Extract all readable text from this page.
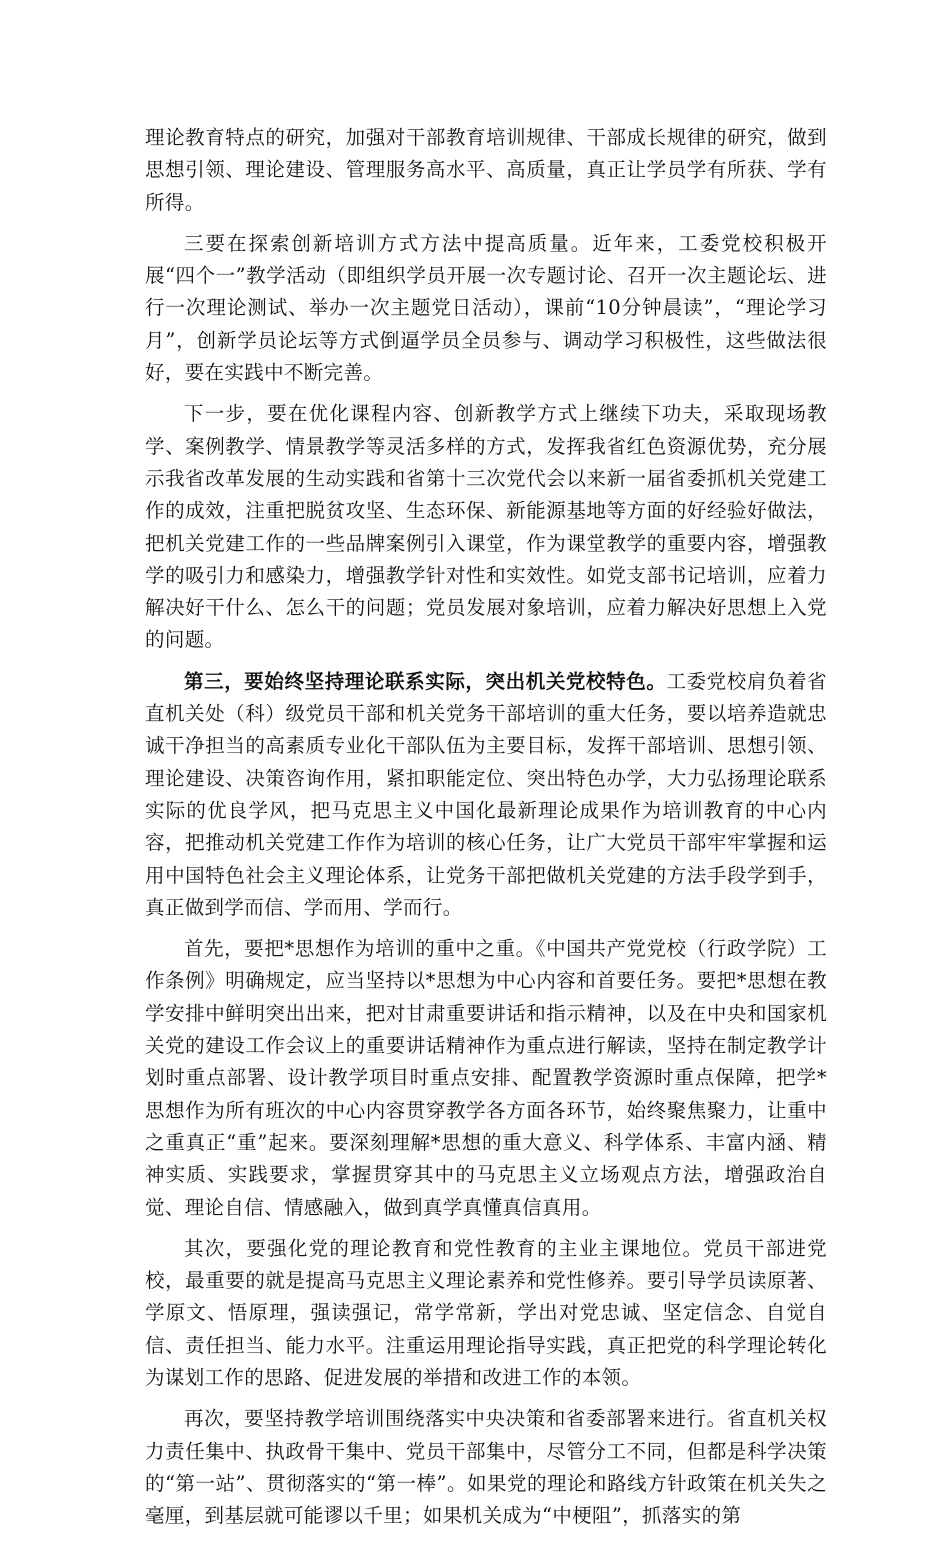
理论教育特点的研究，加强对干部教育培训规律、干部成长规律的研究，做到思想引领、理论建设、管理服务高水平、高质量，真正让学员学有所获、学有所得。

三要在探索创新培训方式方法中提高质量。近年来，工委党校积极开展“四个一”教学活动（即组织学员开展一次专题讨论、召开一次主题论坛、进行一次理论测试、举办一次主题党日活动），课前“10分钟晨读”，“理论学习月”，创新学员论坛等方式倒逼学员全员参与、调动学习积极性，这些做法很好，要在实践中不断完善。

下一步，要在优化课程内容、创新教学方式上继续下功夫，采取现场教学、案例教学、情景教学等灵活多样的方式，发挥我省红色资源优势，充分展示我省改革发展的生动实践和省第十三次党代会以来新一届省委抓机关党建工作的成效，注重把脱贫攻坚、生态环保、新能源基地等方面的好经验好做法，把机关党建工作的一些品牌案例引入课堂，作为课堂教学的重要内容，增强教学的吸引力和感染力，增强教学针对性和实效性。如党支部书记培训，应着力解决好干什么、怎么干的问题；党员发展对象培训，应着力解决好思想上入党的问题。

第三，要始终坚持理论联系实际，突出机关党校特色。工委党校肩负着省直机关处（科）级党员干部和机关党务干部培训的重大任务，要以培养造就忠诚干净担当的高素质专业化干部队伍为主要目标，发挥干部培训、思想引领、理论建设、决策咨询作用，紧扣职能定位、突出特色办学，大力弘扬理论联系实际的优良学风，把马克思主义中国化最新理论成果作为培训教育的中心内容，把推动机关党建工作作为培训的核心任务，让广大党员干部牢牢掌握和运用中国特色社会主义理论体系，让党务干部把做机关党建的方法手段学到手，真正做到学而信、学而用、学而行。

首先，要把*思想作为培训的重中之重。《中国共产党党校（行政学院）工作条例》明确规定，应当坚持以*思想为中心内容和首要任务。要把*思想在教学安排中鲜明突出出来，把对甘肃重要讲话和指示精神，以及在中央和国家机关党的建设工作会议上的重要讲话精神作为重点进行解读，坚持在制定教学计划时重点部署、设计教学项目时重点安排、配置教学资源时重点保障，把学*思想作为所有班次的中心内容贯穿教学各方面各环节，始终聚焦聚力，让重中之重真正“重”起来。要深刻理解*思想的重大意义、科学体系、丰富内涵、精神实质、实践要求，掌握贯穿其中的马克思主义立场观点方法，增强政治自觉、理论自信、情感融入，做到真学真懂真信真用。

其次，要强化党的理论教育和党性教育的主业主课地位。党员干部进党校，最重要的就是提高马克思主义理论素养和党性修养。要引导学员读原著、学原文、悟原理，强读强记，常学常新，学出对党忠诚、坚定信念、自觉自信、责任担当、能力水平。注重运用理论指导实践，真正把党的科学理论转化为谋划工作的思路、促进发展的举措和改进工作的本领。

再次，要坚持教学培训围绕落实中央决策和省委部署来进行。省直机关权力责任集中、执政骨干集中、党员干部集中，尽管分工不同，但都是科学决策的“第一站”、贯彻落实的“第一棒”。如果党的理论和路线方针政策在机关失之毫厘，到基层就可能谬以千里；如果机关成为“中梗阻”，抓落实的第
